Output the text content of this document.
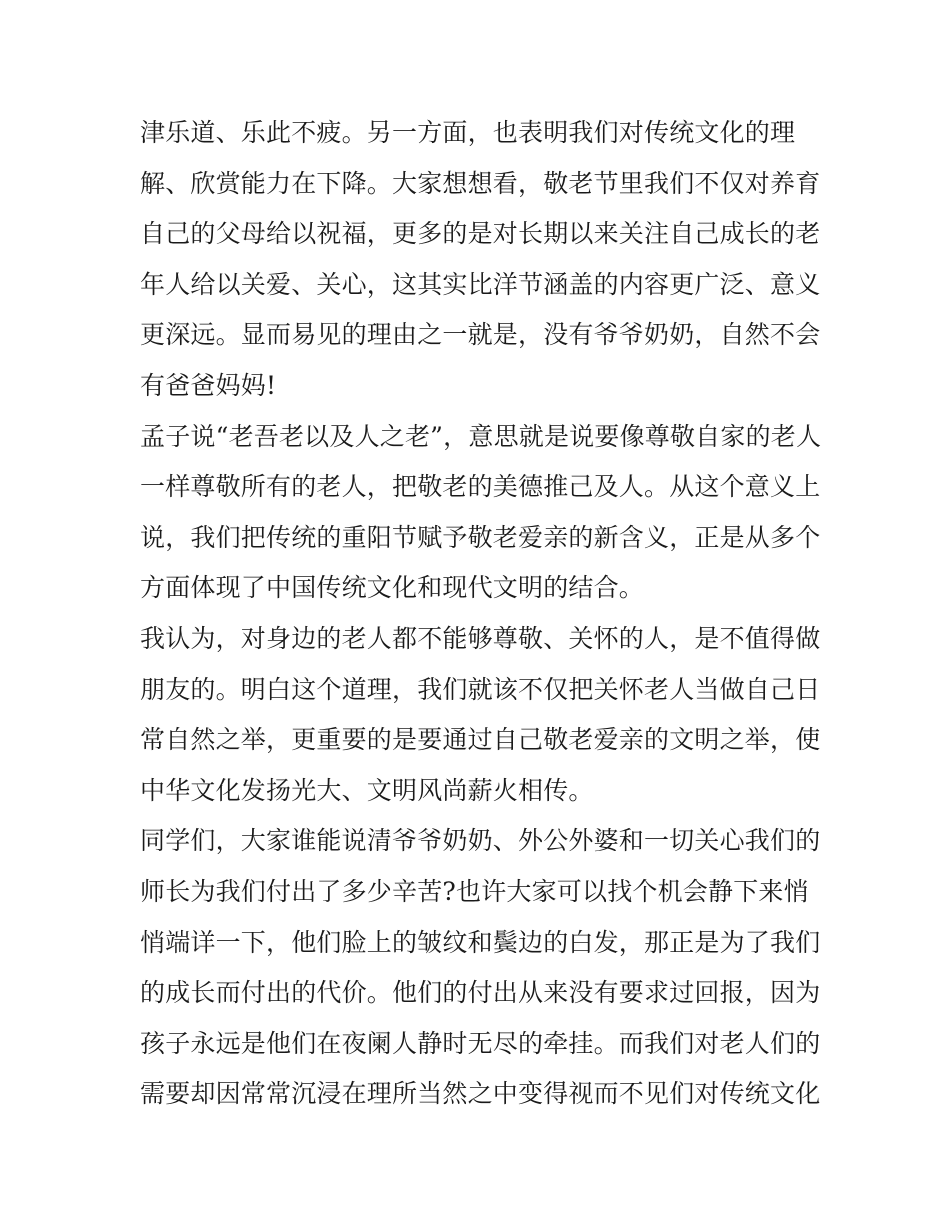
津乐道、乐此不疲。另一方面，也表明我们对传统文化的理
解、欣赏能力在下降。大家想想看，敬老节里我们不仅对养育
自己的父母给以祝福，更多的是对长期以来关注自己成长的老
年人给以关爱、关心，这其实比洋节涵盖的内容更广泛、意义
更深远。显而易见的理由之一就是，没有爷爷奶奶，自然不会
有爸爸妈妈!
孟子说“老吾老以及人之老”，意思就是说要像尊敬自家的老人
一样尊敬所有的老人，把敬老的美德推己及人。从这个意义上
说，我们把传统的重阳节赋予敬老爱亲的新含义，正是从多个
方面体现了中国传统文化和现代文明的结合。
我认为，对身边的老人都不能够尊敬、关怀的人，是不值得做
朋友的。明白这个道理，我们就该不仅把关怀老人当做自己日
常自然之举，更重要的是要通过自己敬老爱亲的文明之举，使
中华文化发扬光大、文明风尚薪火相传。
同学们，大家谁能说清爷爷奶奶、外公外婆和一切关心我们的
师长为我们付出了多少辛苦?也许大家可以找个机会静下来悄
悄端详一下，他们脸上的皱纹和鬓边的白发，那正是为了我们
的成长而付出的代价。他们的付出从来没有要求过回报，因为
孩子永远是他们在夜阑人静时无尽的牵挂。而我们对老人们的
需要却因常常沉浸在理所当然之中变得视而不见们对传统文化
